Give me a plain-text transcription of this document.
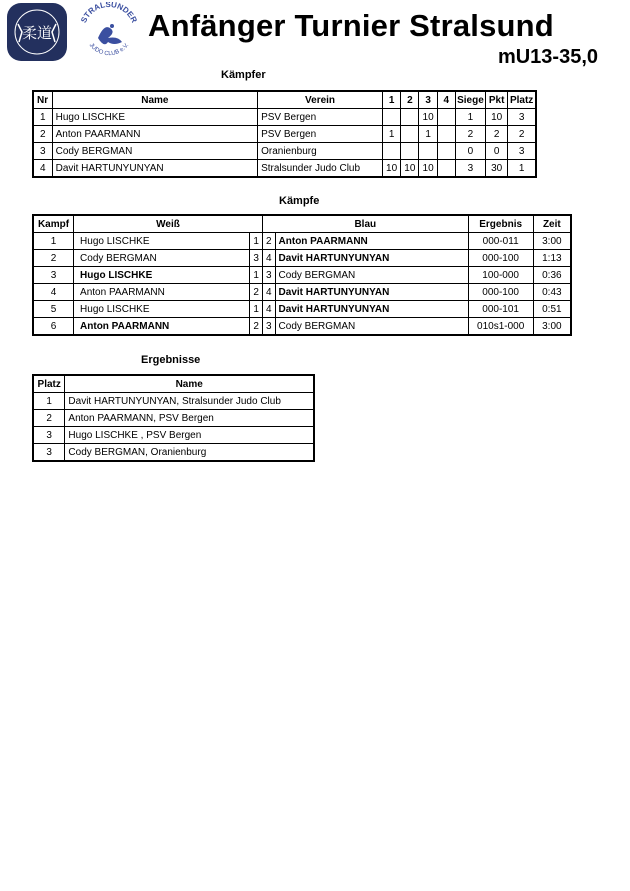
柔道
STRALSUNDER
JUDO CLUB e.V.
Anfänger Turnier Stralsund
mU13-35,0
Kämpfer
Nr	Name	Verein	1	2	3	4	Siege	Pkt	Platz
1	Hugo LISCHKE	PSV Bergen			10		1	10	3
2	Anton PAARMANN	PSV Bergen	1		1		2	2	2
3	Cody BERGMAN	Oranienburg					0	0	3
4	Davit HARTUNYUNYAN	Stralsunder Judo Club	10	10	10		3	30	1
Kämpfe
Kampf	Weiß		Blau		Ergebnis	Zeit
1	Hugo LISCHKE	1	2	Anton PAARMANN	000-011	3:00
2	Cody BERGMAN	3	4	Davit HARTUNYUNYAN	000-100	1:13
3	Hugo LISCHKE	1	3	Cody BERGMAN	100-000	0:36
4	Anton PAARMANN	2	4	Davit HARTUNYUNYAN	000-100	0:43
5	Hugo LISCHKE	1	4	Davit HARTUNYUNYAN	000-101	0:51
6	Anton PAARMANN	2	3	Cody BERGMAN	010s1-000	3:00
Ergebnisse
Platz	Name
1	Davit HARTUNYUNYAN, Stralsunder Judo Club
2	Anton PAARMANN, PSV Bergen
3	Hugo LISCHKE , PSV Bergen
3	Cody BERGMAN, Oranienburg
